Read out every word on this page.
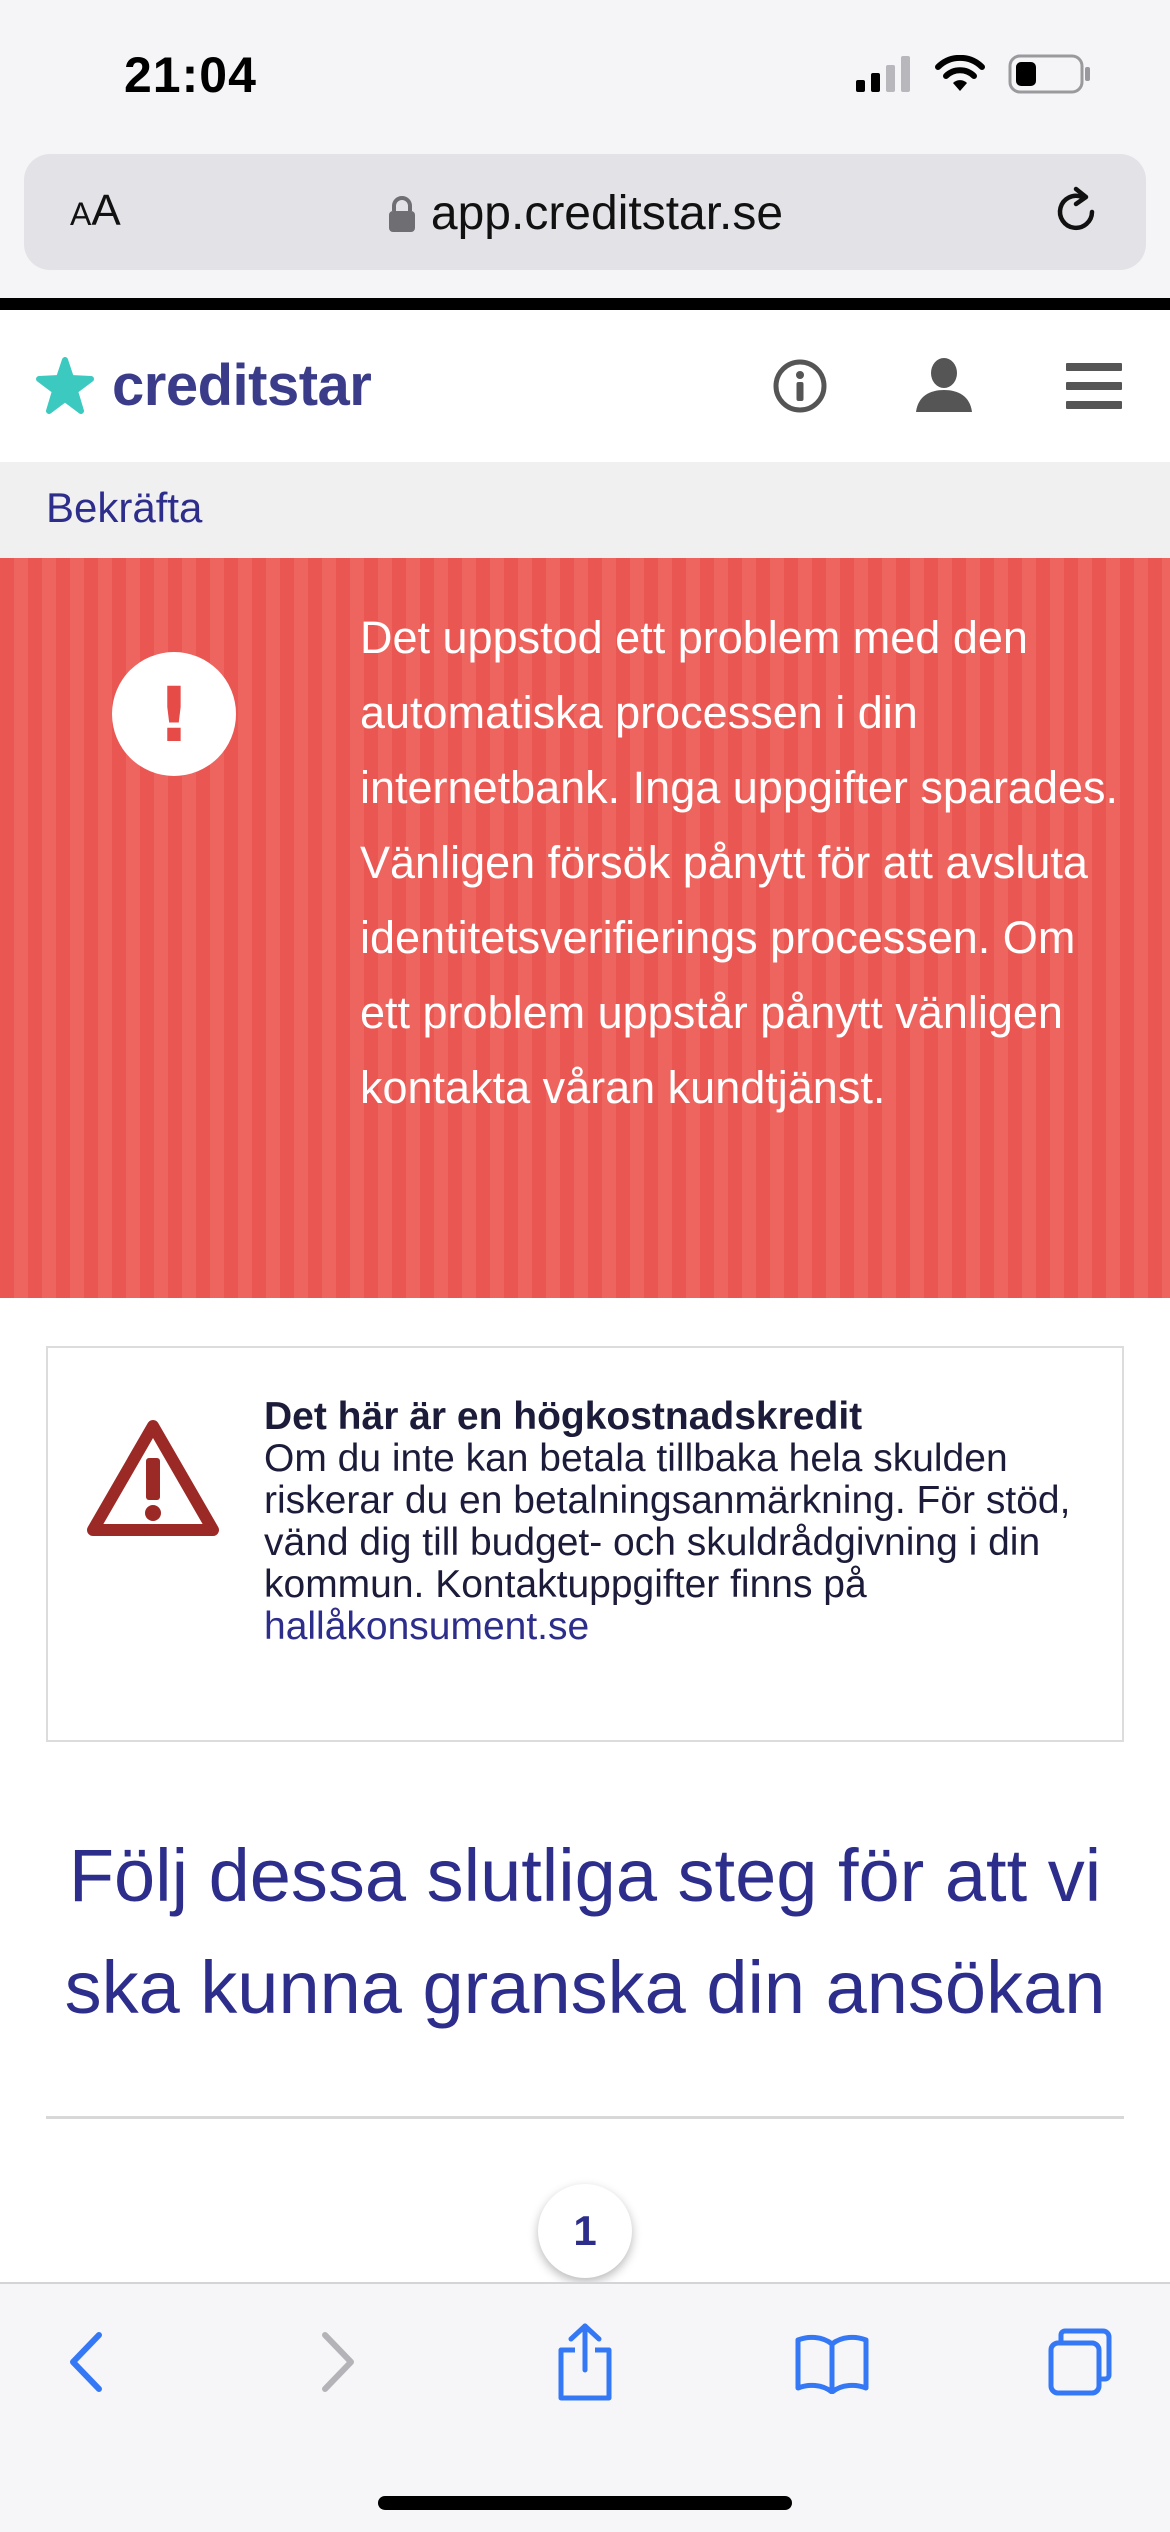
21:04
AA	app.creditstar.se
creditstar
Bekräfta
!
Det uppstod ett problem med den automatiska processen i din internetbank. Inga uppgifter sparades. Vänligen försök pånytt för att avsluta identitetsverifierings processen. Om ett problem uppstår pånytt vänligen kontakta våran kundtjänst.
Det här är en högkostnadskredit
Om du inte kan betala tillbaka hela skulden riskerar du en betalningsanmärkning. För stöd, vänd dig till budget- och skuldrådgivning i din kommun. Kontaktuppgifter finns på
hallåkonsument.se
Följ dessa slutliga steg för att vi ska kunna granska din ansökan
1
